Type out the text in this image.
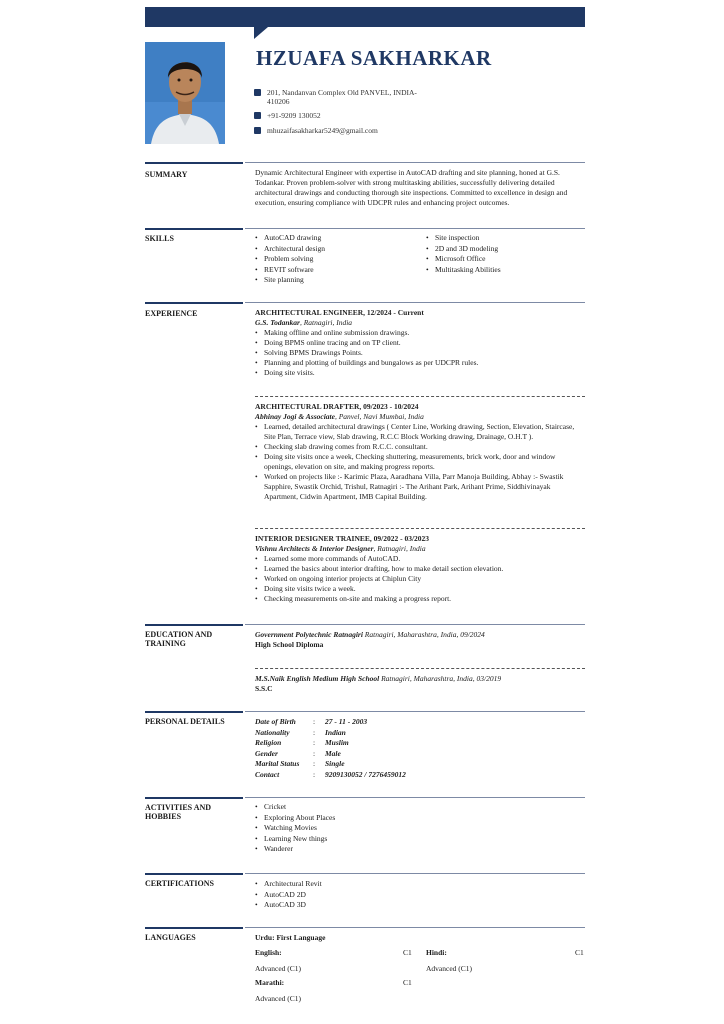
HZUAFA SAKHARKAR
201, Nandanvan Complex Old PANVEL, INDIA-410206
+91-9209 130052
mhuzaifasakharkar5249@gmail.com
SUMMARY	Dynamic Architectural Engineer with expertise in AutoCAD drafting and site planning, honed at G.S. Todankar. Proven problem-solver with strong multitasking abilities, successfully delivering detailed architectural drawings and conducting thorough site inspections. Committed to excellence in design and execution, ensuring compliance with UDCPR rules and enhancing project outcomes.
SKILLS	• AutoCAD drawing
• Architectural design
• Problem solving
• REVIT software
• Site planning
• Site inspection
• 2D and 3D modeling
• Microsoft Office
• Multitasking Abilities
EXPERIENCE	ARCHITECTURAL ENGINEER, 12/2024 - Current
G.S. Todankar, Ratnagiri, India
• Making offline and online submission drawings.
• Doing BPMS online tracing and on TP client.
• Solving BPMS Drawings Points.
• Planning and plotting of buildings and bungalows as per UDCPR rules.
• Doing site visits.
ARCHITECTURAL DRAFTER, 09/2023 - 10/2024
Abhinay Jogi & Associate, Panvel, Navi Mumbai, India
• Learned, detailed architectural drawings ( Center Line, Working drawing, Section, Elevation, Staircase, Site Plan, Terrace view, Slab drawing, R.C.C Block Working drawing, Drainage, O.H.T ).
• Checking slab drawing comes from R.C.C. consultant.
• Doing site visits once a week, Checking shuttering, measurements, brick work, door and window openings, elevation on site, and making progress reports.
• Worked on projects like :- Karimic Plaza, Aaradhana Villa, Parr Manoja Building, Abhay :- Swastik Sapphire, Swastik Orchid, Trishul, Ratnagiri :- The Arihant Park, Arihant Prime, Siddhivinayak Apartment, Cidwin Apartment, IMB Capital Building.
INTERIOR DESIGNER TRAINEE, 09/2022 - 03/2023
Vishnu Architects & Interior Designer, Ratnagiri, India
• Learned some more commands of AutoCAD.
• Learned the basics about interior drafting, how to make detail section elevation.
• Worked on ongoing interior projects at Chiplun City
• Doing site visits twice a week.
• Checking measurements on-site and making a progress report.
EDUCATION AND TRAINING
Government Polytechnic Ratnagiri Ratnagiri, Maharashtra, India, 09/2024
High School Diploma
M.S.Naik English Medium High School Ratnagiri, Maharashtra, India, 03/2019
S.S.C
PERSONAL DETAILS	Date of Birth : 27 - 11 - 2003
Nationality	: Indian
Religion	: Muslim
Gender	: Male
Marital Status : Single
Contact	: 9209130052 / 7276459012
ACTIVITIES AND HOBBIES
• Cricket
• Exploring About Places
• Watching Movies
• Learning New things
• Wanderer
CERTIFICATIONS	• Architectural Revit
• AutoCAD 2D
• AutoCAD 3D
LANGUAGES	Urdu: First Language
English:	C1
Advanced (C1)
Hindi:	C1
Advanced (C1)
Marathi:	C1
Advanced (C1)
